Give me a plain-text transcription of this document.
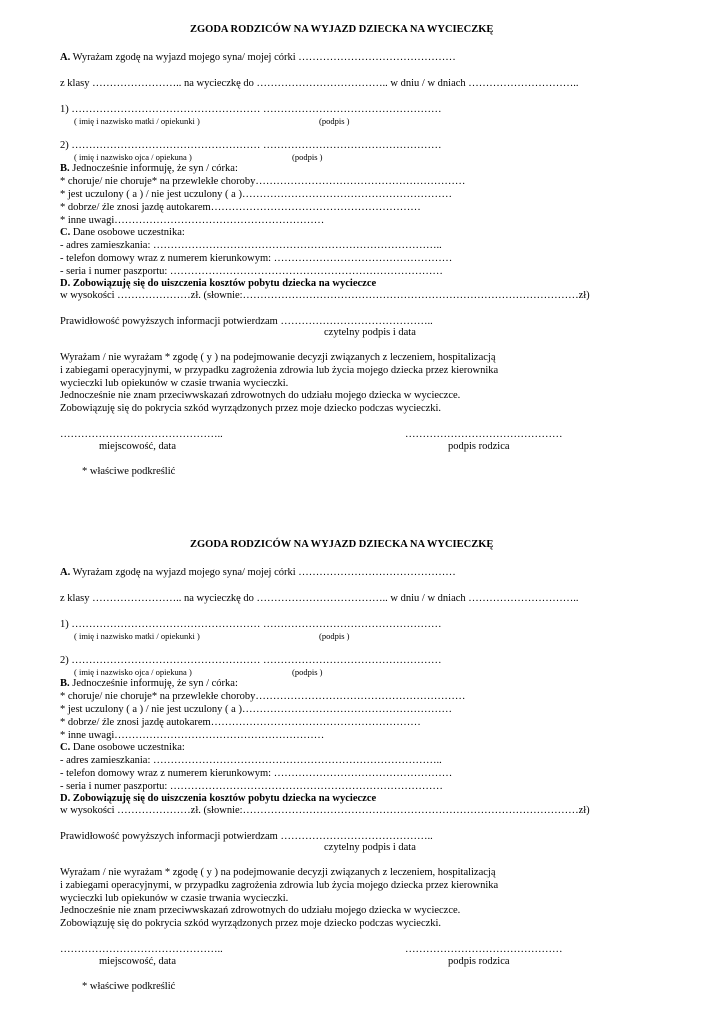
ZGODA RODZICÓW NA WYJAZD DZIECKA NA WYCIECZKĘ
A. Wyrażam zgodę na wyjazd mojego syna/ mojej córki ………………………………………
z klasy …………………….. na wycieczkę do ……………………………….. w dniu / w dniach …………………………..
1) ……………………………………………… ……………………………………………
( imię i nazwisko matki / opiekunki )	(podpis )
2) ……………………………………………… ……………………………………………
( imię i nazwisko ojca / opiekuna )	(podpis )
B. Jednocześnie informuję, że syn / córka:
* choruje/ nie choruje* na przewlekłe choroby……………………………………………………
* jest uczulony ( a ) / nie jest uczulony ( a )……………………………………………………
* dobrze/ źle znosi jazdę autokarem……………………………………………………
* inne uwagi……………………………………………………
C. Dane osobowe uczestnika:
- adres zamieszkania: ………………………………………………………………………..
- telefon domowy wraz z numerem kierunkowym: ……………………………………………
- seria i numer paszportu: ……………………………………………………………………
D. Zobowiązuję się do uiszczenia kosztów pobytu dziecka na wycieczce
w wysokości …………………zł. (słownie:……………………………………………………………………………………zł)
Prawidłowość powyższych informacji potwierdzam ……………………………………..
czytelny podpis i data
Wyrażam / nie wyrażam * zgodę ( y ) na podejmowanie decyzji związanych z leczeniem, hospitalizacją
i zabiegami operacyjnymi, w przypadku zagrożenia zdrowia lub życia mojego dziecka przez kierownika
wycieczki lub opiekunów w czasie trwania wycieczki.
Jednocześnie nie znam przeciwwskazań zdrowotnych do udziału mojego dziecka w wycieczce.
Zobowiązuję się do pokrycia szkód wyrządzonych przez moje dziecko podczas wycieczki.
………………………………………..	………………………………………
miejscowość, data	podpis rodzica
* właściwe podkreślić
ZGODA RODZICÓW NA WYJAZD DZIECKA NA WYCIECZKĘ
A. Wyrażam zgodę na wyjazd mojego syna/ mojej córki ………………………………………
z klasy …………………….. na wycieczkę do ……………………………….. w dniu / w dniach …………………………..
1) ……………………………………………… ……………………………………………
( imię i nazwisko matki / opiekunki )	(podpis )
2) ……………………………………………… ……………………………………………
( imię i nazwisko ojca / opiekuna )	(podpis )
B. Jednocześnie informuję, że syn / córka:
* choruje/ nie choruje* na przewlekłe choroby……………………………………………………
* jest uczulony ( a ) / nie jest uczulony ( a )……………………………………………………
* dobrze/ źle znosi jazdę autokarem……………………………………………………
* inne uwagi……………………………………………………
C. Dane osobowe uczestnika:
- adres zamieszkania: ………………………………………………………………………..
- telefon domowy wraz z numerem kierunkowym: ……………………………………………
- seria i numer paszportu: ……………………………………………………………………
D. Zobowiązuję się do uiszczenia kosztów pobytu dziecka na wycieczce
w wysokości …………………zł. (słownie:……………………………………………………………………………………zł)
Prawidłowość powyższych informacji potwierdzam ……………………………………..
czytelny podpis i data
Wyrażam / nie wyrażam * zgodę ( y ) na podejmowanie decyzji związanych z leczeniem, hospitalizacją
i zabiegami operacyjnymi, w przypadku zagrożenia zdrowia lub życia mojego dziecka przez kierownika
wycieczki lub opiekunów w czasie trwania wycieczki.
Jednocześnie nie znam przeciwwskazań zdrowotnych do udziału mojego dziecka w wycieczce.
Zobowiązuję się do pokrycia szkód wyrządzonych przez moje dziecko podczas wycieczki.
………………………………………..	………………………………………
miejscowość, data	podpis rodzica
* właściwe podkreślić
